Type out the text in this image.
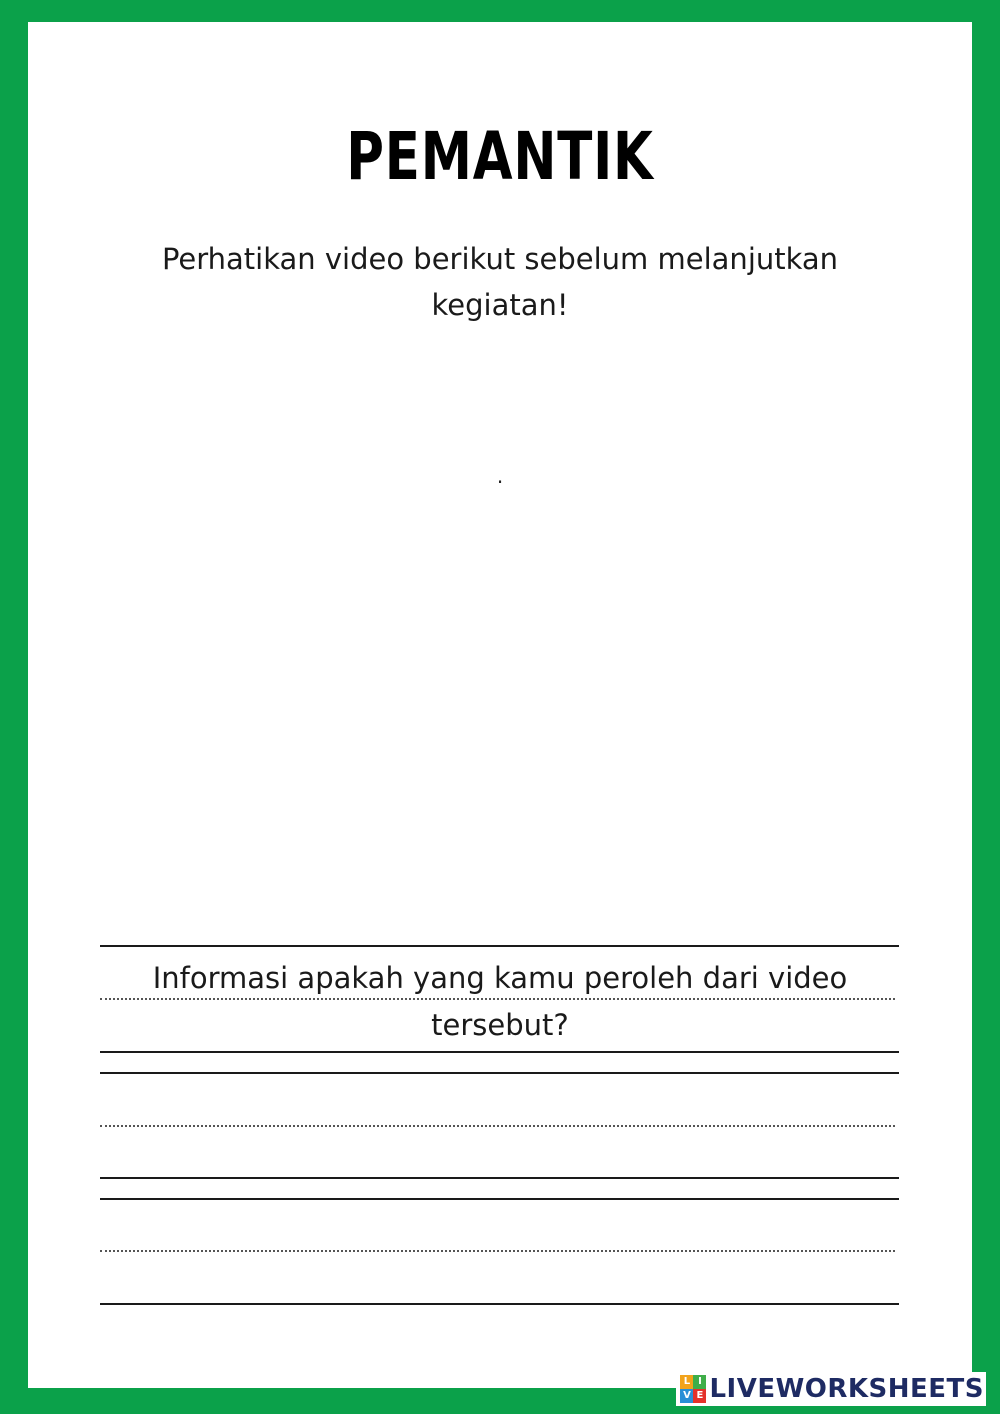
PEMANTIK
Perhatikan video berikut sebelum melanjutkan kegiatan!
.
Informasi apakah yang kamu peroleh dari video tersebut?
L I
V E LIVEWORKSHEETS
